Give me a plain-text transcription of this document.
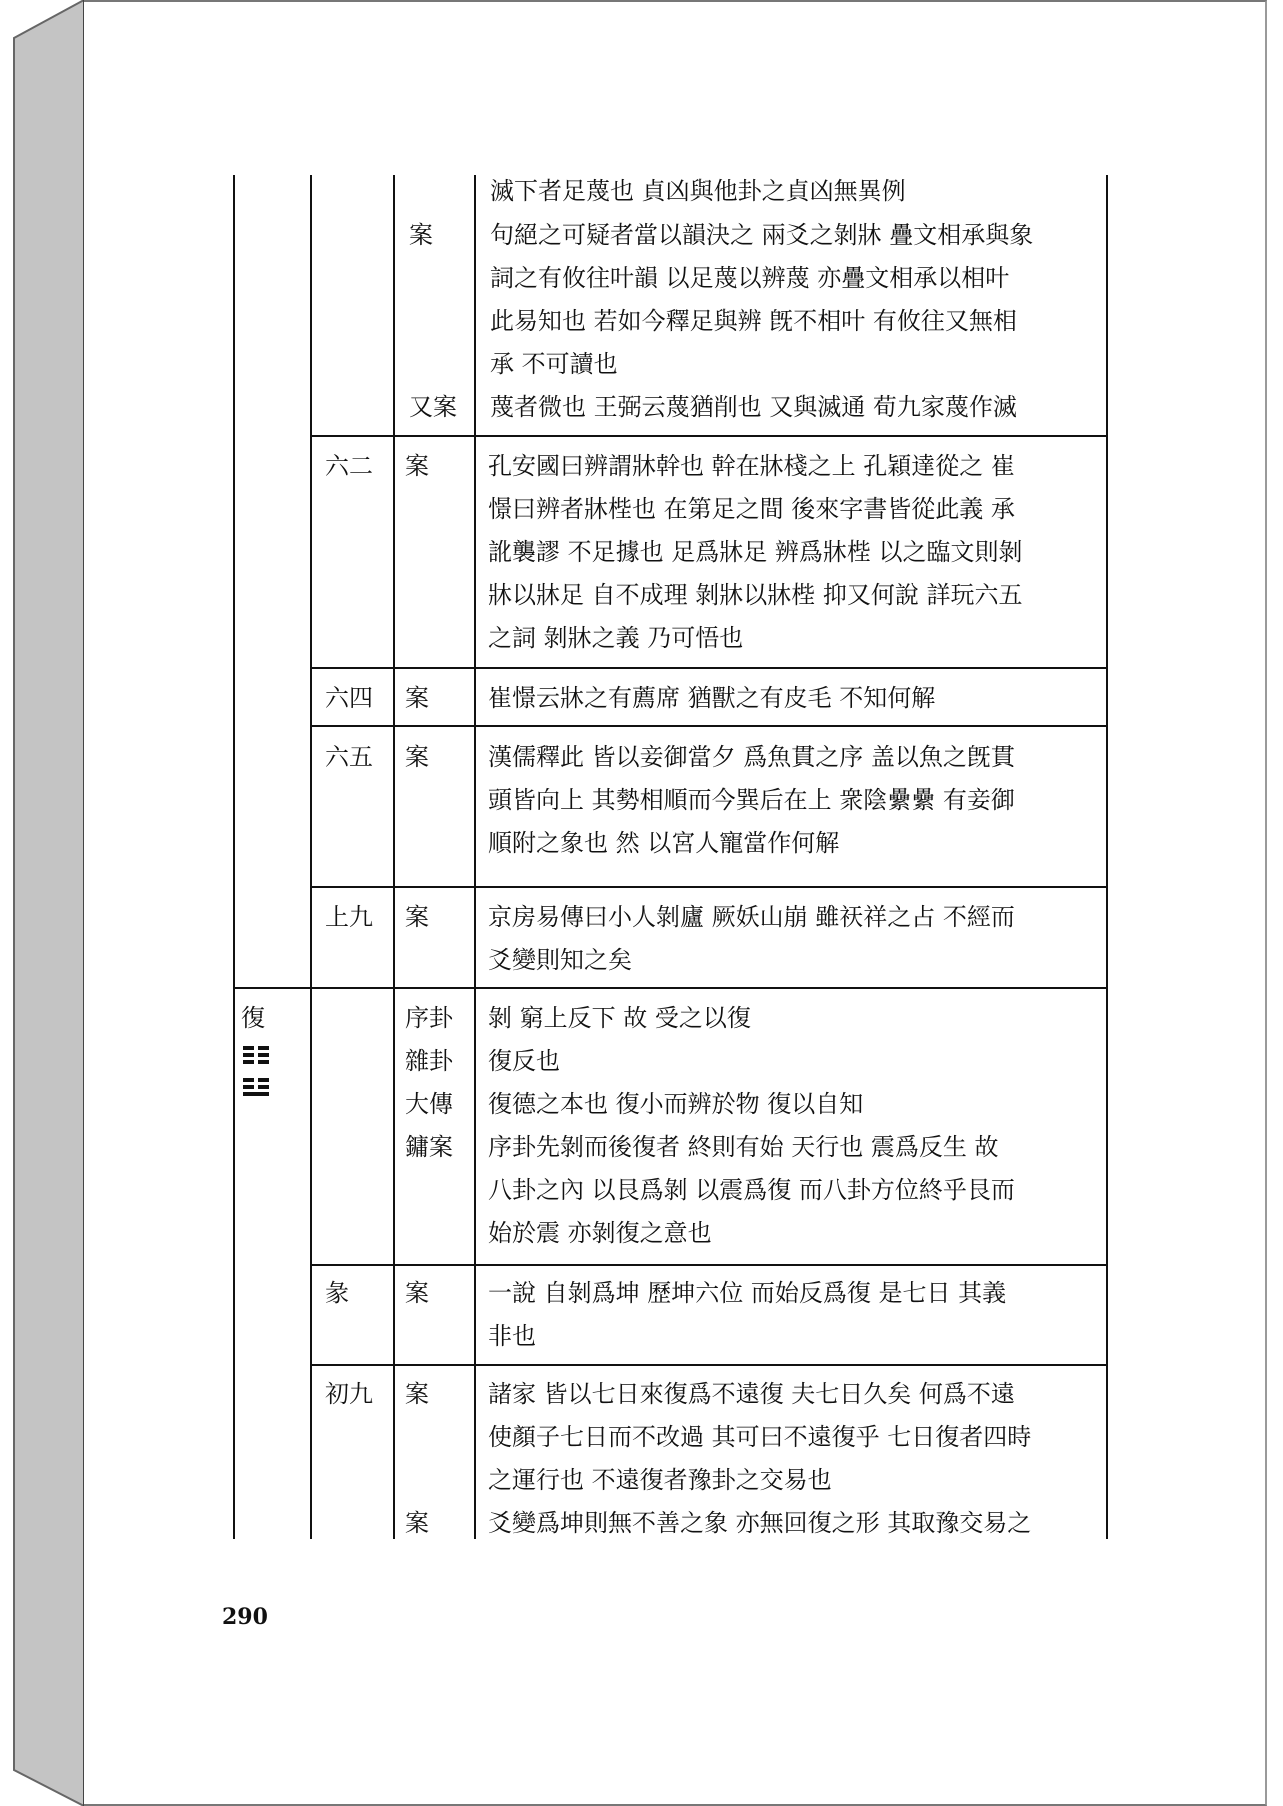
滅下者足蔑也 貞凶與他卦之貞凶無異例
案 句絕之可疑者當以韻決之 兩爻之剝牀 疊文相承與象
詞之有攸往叶韻 以足蔑以辨蔑 亦疊文相承以相叶
此易知也 若如今釋足與辨 旣不相叶 有攸往又無相
承 不可讀也
又案 蔑者微也 王弼云蔑猶削也 又與滅通 荀九家蔑作滅
六二 案 孔安國曰辨謂牀幹也 幹在牀棧之上 孔穎達從之 崔
憬曰辨者牀梐也 在第足之間 後來字書皆從此義 承
訛襲謬 不足據也 足爲牀足 辨爲牀梐 以之臨文則剝
牀以牀足 自不成理 剝牀以牀梐 抑又何說 詳玩六五
之詞 剝牀之義 乃可悟也
六四 案 崔憬云牀之有薦席 猶獸之有皮毛 不知何解
六五 案 漢儒釋此 皆以妾御當夕 爲魚貫之序 盖以魚之旣貫
頭皆向上 其勢相順而今巽后在上 衆陰纍纍 有妾御
順附之象也 然 以宮人寵當作何解
上九 案 京房易傳曰小人剝廬 厥妖山崩 雖祆祥之占 不經而
爻變則知之矣
復	序卦 剝 窮上反下 故 受之以復
雜卦 復反也
大傳 復德之本也 復小而辨於物 復以自知
鏞案 序卦先剝而後復者 終則有始 天行也 震爲反生 故
八卦之內 以艮爲剝 以震爲復 而八卦方位終乎艮而
始於震 亦剝復之意也
彖 案 一說 自剝爲坤 歷坤六位 而始反爲復 是七日 其義
非也
初九 案 諸家 皆以七日來復爲不遠復 夫七日久矣 何爲不遠
使顏子七日而不改過 其可曰不遠復乎 七日復者四時
之運行也 不遠復者豫卦之交易也
案 爻變爲坤則無不善之象 亦無回復之形 其取豫交易之
290
